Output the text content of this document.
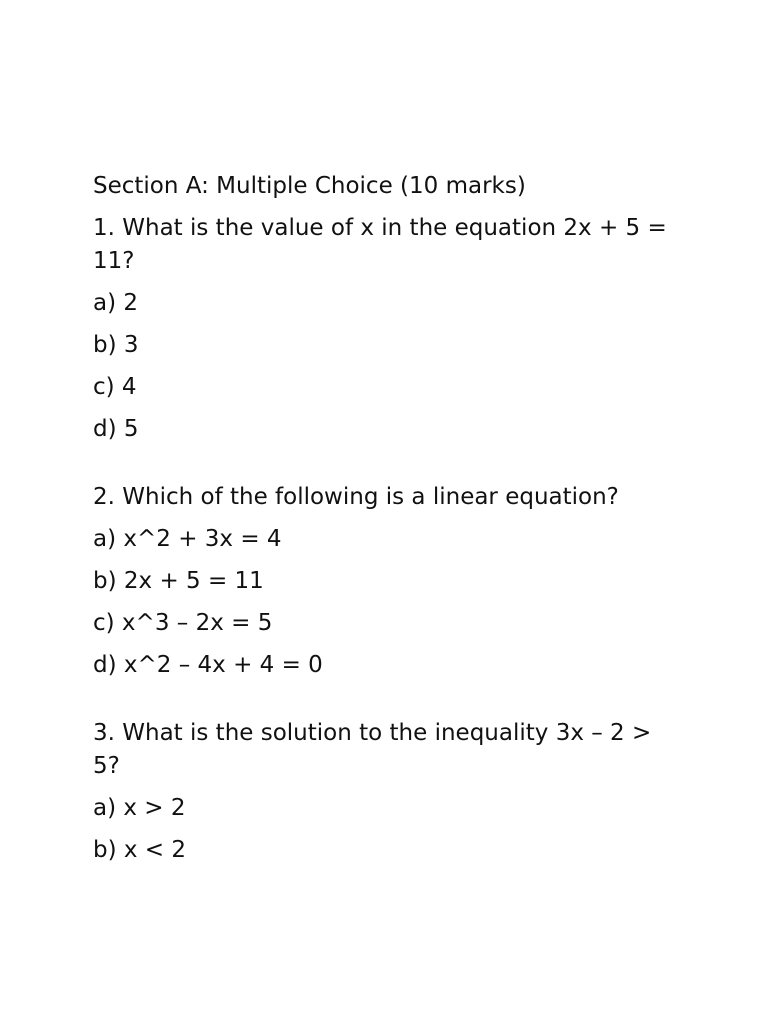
Section A: Multiple Choice (10 marks)
1. What is the value of x in the equation 2x + 5 = 11?
a) 2
b) 3
c) 4
d) 5
2. Which of the following is a linear equation?
a) x^2 + 3x = 4
b) 2x + 5 = 11
c) x^3 – 2x = 5
d) x^2 – 4x + 4 = 0
3. What is the solution to the inequality 3x – 2 > 5?
a) x > 2
b) x < 2
